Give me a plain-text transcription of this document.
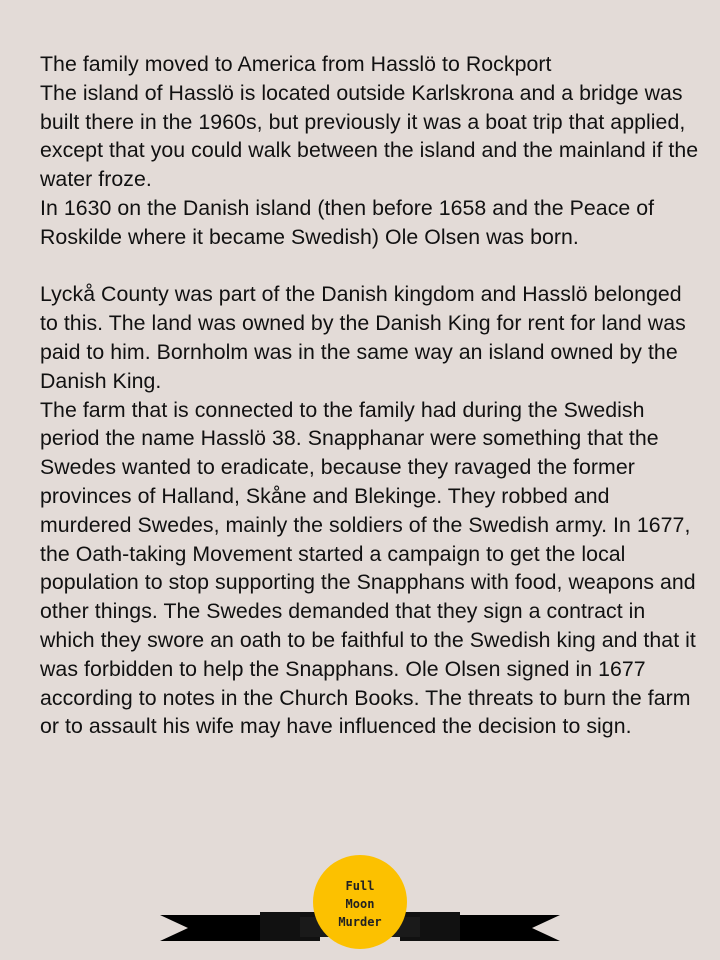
The family moved to America from Hasslö to Rockport

The island of Hasslö is located outside Karlskrona and a bridge was built there in the 1960s, but previously it was a boat trip that applied, except that you could walk between the island and the mainland if the water froze.

In 1630 on the Danish island (then before 1658 and the Peace of Roskilde where it became Swedish) Ole Olsen was born.

Lyckå County was part of the Danish kingdom and Hasslö belonged to this. The land was owned by the Danish King for rent for land was paid to him. Bornholm was in the same way an island owned by the Danish King.

The farm that is connected to the family had during the Swedish period the name Hasslö 38. Snapphanar were something that the Swedes wanted to eradicate, because they ravaged the former provinces of Halland, Skåne and Blekinge. They robbed and murdered Swedes, mainly the soldiers of the Swedish army. In 1677, the Oath-taking Movement started a campaign to get the local population to stop supporting the Snapphans with food, weapons and other things. The Swedes demanded that they sign a contract in which they swore an oath to be faithful to the Swedish king and that it was forbidden to help the Snapphans. Ole Olsen signed in 1677 according to notes in the Church Books. The threats to burn the farm or to assault his wife may have influenced the decision to sign.

Full
Moon
Murder
